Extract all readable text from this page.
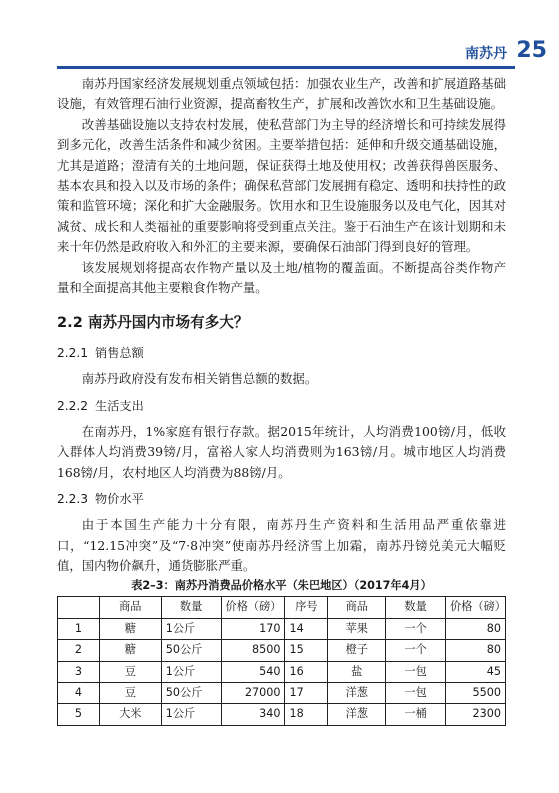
南苏丹 25

南苏丹国家经济发展规划重点领域包括：加强农业生产，改善和扩展道路基础设施，有效管理石油行业资源，提高畜牧生产，扩展和改善饮水和卫生基础设施。

改善基础设施以支持农村发展，使私营部门为主导的经济增长和可持续发展得到多元化，改善生活条件和减少贫困。主要举措包括：延伸和升级交通基础设施，尤其是道路；澄清有关的土地问题，保证获得土地及使用权；改善获得兽医服务、基本农具和投入以及市场的条件；确保私营部门发展拥有稳定、透明和扶持性的政策和监管环境；深化和扩大金融服务。饮用水和卫生设施服务以及电气化，因其对减贫、成长和人类福祉的重要影响将受到重点关注。鉴于石油生产在该计划期和未来十年仍然是政府收入和外汇的主要来源，要确保石油部门得到良好的管理。

该发展规划将提高农作物产量以及土地/植物的覆盖面。不断提高谷类作物产量和全面提高其他主要粮食作物产量。

2.2 南苏丹国内市场有多大？
2.2.1 销售总额

南苏丹政府没有发布相关销售总额的数据。

2.2.2 生活支出

在南苏丹，1%家庭有银行存款。据2015年统计，人均消费100镑/月，低收入群体人均消费39镑/月，富裕人家人均消费则为163镑/月。城市地区人均消费168镑/月，农村地区人均消费为88镑/月。

2.2.3 物价水平

由于本国生产能力十分有限，南苏丹生产资料和生活用品严重依靠进口，“12.15冲突”及“7·8冲突”使南苏丹经济雪上加霜，南苏丹镑兑美元大幅贬值，国内物价飙升，通货膨胀严重。

表2–3：南苏丹消费品价格水平（朱巴地区）（2017年4月）
	商品	数量	价格（磅）	序号	商品	数量	价格（磅）
1	糖	1公斤	170	14	苹果	一个	80
2	糖	50公斤	8500	15	橙子	一个	80
3	豆	1公斤	540	16	盐	一包	45
4	豆	50公斤	27000	17	洋葱	一包	5500
5	大米	1公斤	340	18	洋葱	一桶	2300
